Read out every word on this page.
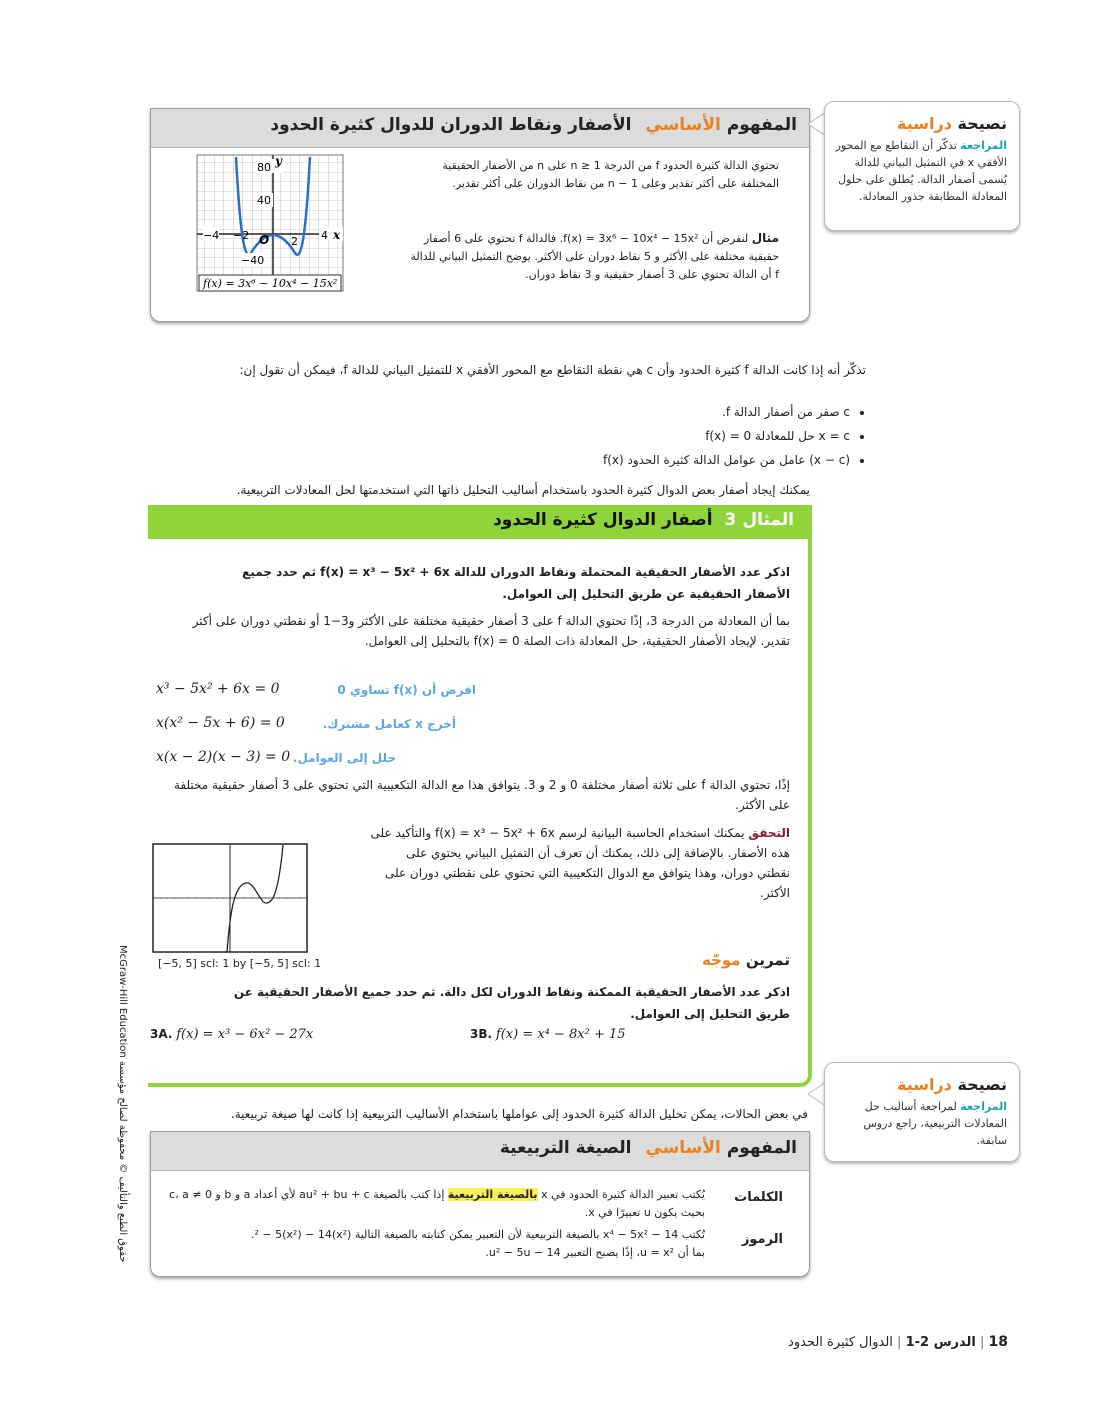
المفهوم الأساسي الأصفار ونقاط الدوران للدوال كثيرة الحدود
تحتوي الدالة كثيرة الحدود f من الدرجة n ≥ 1 على n من الأصفار الحقيقية المختلفة على أكثر تقدير وعلى n − 1 من نقاط الدوران على أكثر تقدير.
مثال لنفرض أن f(x) = 3x⁶ − 10x⁴ − 15x². فالدالة f تحتوي على 6 أصفار حقيقية مختلفة على الأكثر و 5 نقاط دوران على الأكثر. يوضح التمثيل البياني للدالة f أن الدالة تحتوي على 3 أصفار حقيقية و 3 نقاط دوران.
80 y
40
−4 −2 O 2 4 x
−40
f(x) = 3x⁶ − 10x⁴ − 15x²
نصيحة دراسية
المراجعة تذكّر أن التقاطع مع المحور الأفقي x في التمثيل البياني للدالة يُسمى أصفار الدالة. يُطلق على حلول المعادلة المطابقة جذور المعادلة.
تذكّر أنه إذا كانت الدالة f كثيرة الحدود وأن c هي نقطة التقاطع مع المحور الأفقي x للتمثيل البياني للدالة f، فيمكن أن تقول إن:
• c صفر من أصفار الدالة f.
• x = c حل للمعادلة f(x) = 0
• (x − c) عامل من عوامل الدالة كثيرة الحدود f(x)
يمكنك إيجاد أصفار بعض الدوال كثيرة الحدود باستخدام أساليب التحليل ذاتها التي استخدمتها لحل المعادلات التربيعية.
المثال 3 أصفار الدوال كثيرة الحدود
اذكر عدد الأصفار الحقيقية المحتملة ونقاط الدوران للدالة f(x) = x³ − 5x² + 6x ثم حدد جميع الأصفار الحقيقية عن طريق التحليل إلى العوامل.
بما أن المعادلة من الدرجة 3، إذًا تحتوي الدالة f على 3 أصفار حقيقية مختلفة على الأكثر و3−1 أو نقطتي دوران على أكثر تقدير. لإيجاد الأصفار الحقيقية، حل المعادلة ذات الصلة f(x) = 0 بالتحليل إلى العوامل.
x³ − 5x² + 6x = 0	افرض أن f(x) تساوي 0
x(x² − 5x + 6) = 0	أخرج x كعامل مشترك.
x(x − 2)(x − 3) = 0 حلل إلى العوامل.
إذًا، تحتوي الدالة f على ثلاثة أصفار مختلفة 0 و 2 و 3. يتوافق هذا مع الدالة التكعيبية التي تحتوي على 3 أصفار حقيقية مختلفة على الأكثر.
التحقق يمكنك استخدام الحاسبة البيانية لرسم f(x) = x³ − 5x² + 6x والتأكيد على هذه الأصفار. بالإضافة إلى ذلك، يمكنك أن تعرف أن التمثيل البياني يحتوي على نقطتي دوران، وهذا يتوافق مع الدوال التكعيبية التي تحتوي على نقطتي دوران على الأكثر.
[−5, 5] scl: 1 by [−5, 5] scl: 1	تمرين موجّه
اذكر عدد الأصفار الحقيقية الممكنة ونقاط الدوران لكل دالة. ثم حدد جميع الأصفار الحقيقية عن طريق التحليل إلى العوامل.
3A. f(x) = x³ − 6x² − 27x	3B. f(x) = x⁴ − 8x² + 15
نصيحة دراسية
المراجعة لمراجعة أساليب حل المعادلات التربيعية، راجع دروس سابقة.
في بعض الحالات، يمكن تحليل الدالة كثيرة الحدود إلى عواملها باستخدام الأساليب التربيعية إذا كانت لها صيغة تربيعية.
المفهوم الأساسي الصيغة التربيعية
الكلمات
يُكتب تعبير الدالة كثيرة الحدود في x بالصيغة التربيعية إذا كتب بالصيغة au² + bu + c لأي أعداد a و b و c، a ≠ 0 بحيث يكون u تعبيرًا في x.
الرموز
تُكتب x⁴ − 5x² − 14 بالصيغة التربيعية لأن التعبير يمكن كتابته بالصيغة التالية (x²)² − 5(x²) − 14.
بما أن u = x²، إذًا يصبح التعبير u² − 5u − 14.
McGraw-Hill Education حقوق الطبع والتأليف © محفوظة لصالح مؤسسة
18 | الدرس 2-1 | الدوال كثيرة الحدود
